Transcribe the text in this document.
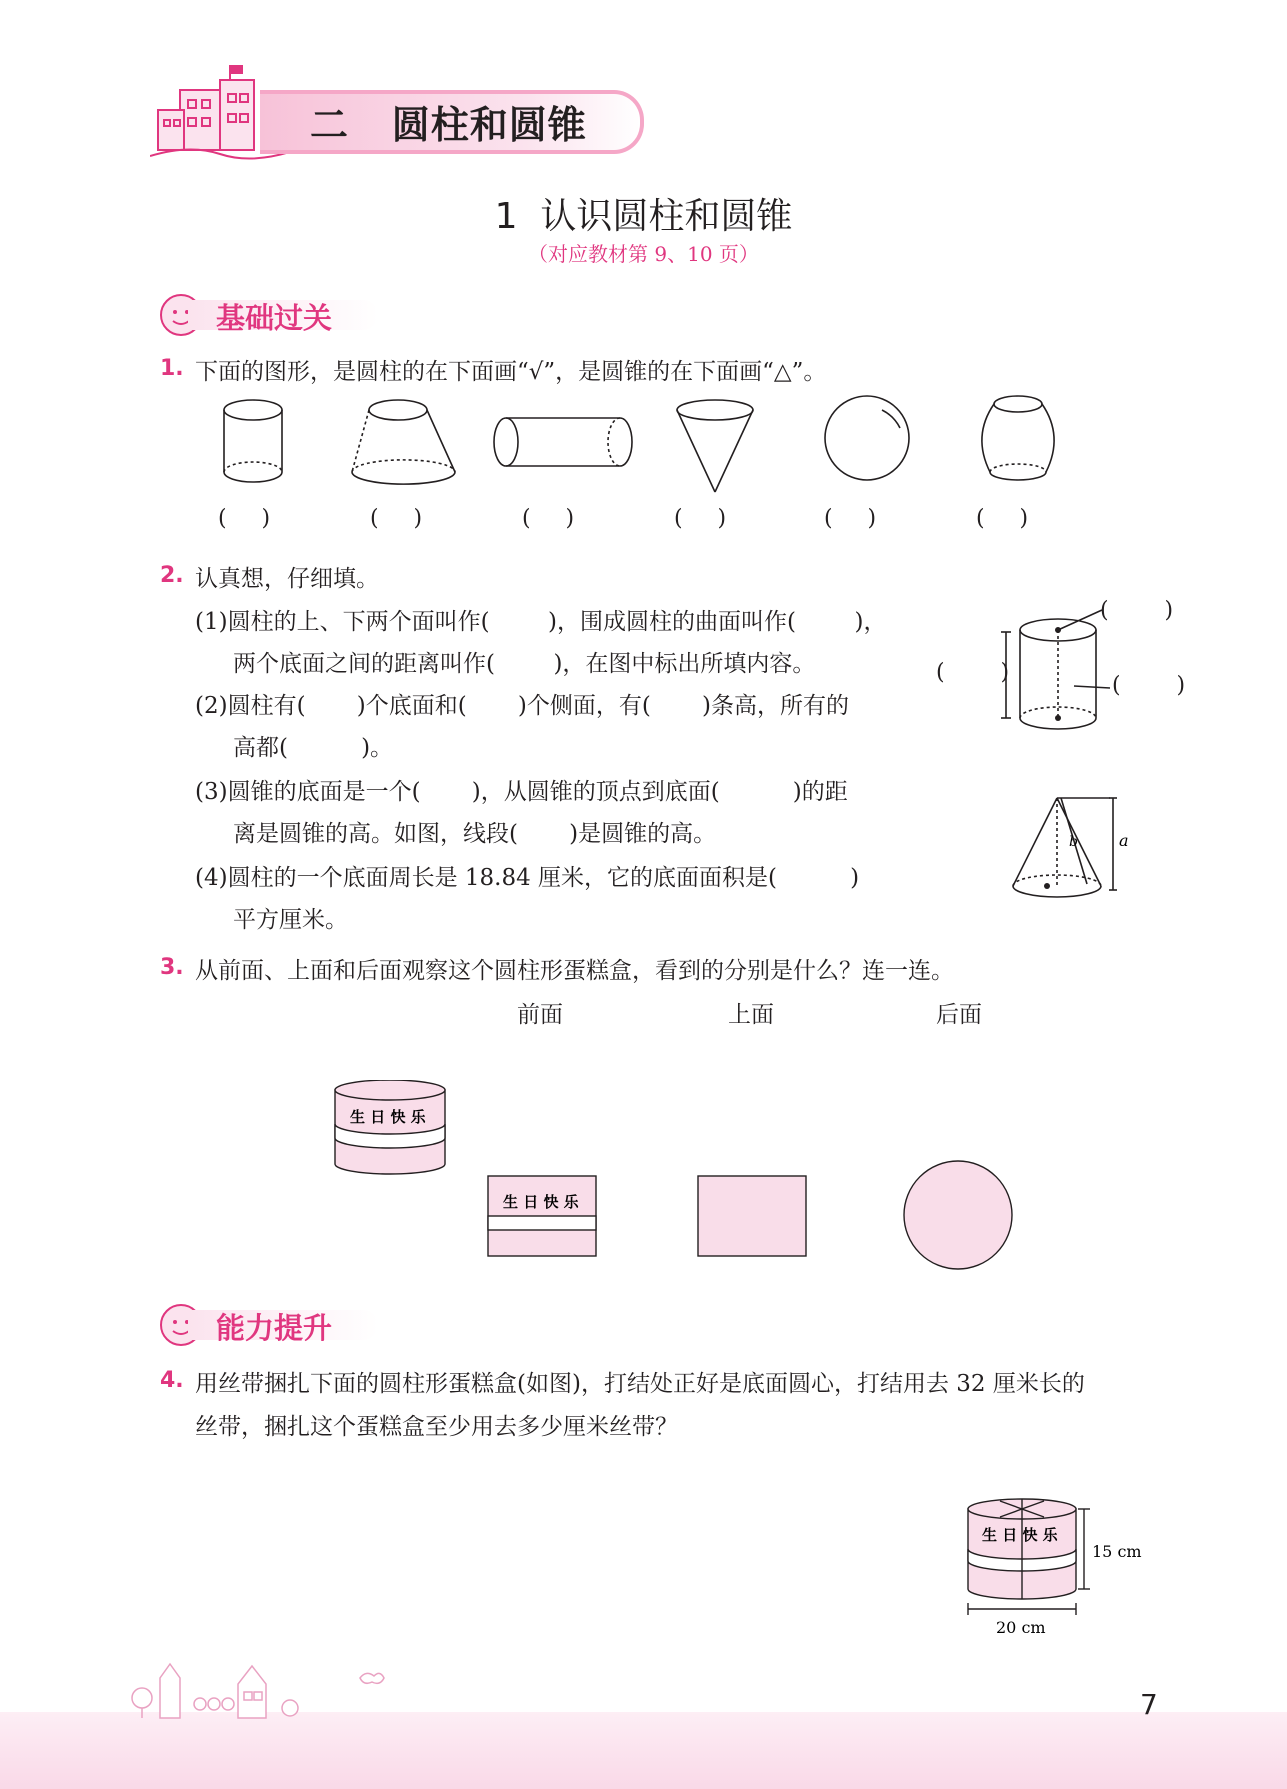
二   圆柱和圆锥
1  认识圆柱和圆锥
（对应教材第 9、10 页）
基础过关
1. 下面的图形，是圆柱的在下面画“√”，是圆锥的在下面画“△”。
(     )	(     )	(     )	(     )	(     )	(     )
2. 认真想，仔细填。
(1)圆柱的上、下两个面叫作(        )，围成圆柱的曲面叫作(        )，
两个底面之间的距离叫作(        )，在图中标出所填内容。
(2)圆柱有(       )个底面和(       )个侧面，有(       )条高，所有的
高都(          )。
(3)圆锥的底面是一个(       )，从圆锥的顶点到底面(          )的距
离是圆锥的高。如图，线段(       )是圆锥的高。
(4)圆柱的一个底面周长是 18.84 厘米，它的底面面积是(          )
平方厘米。
(        )
(        )
(        )
b	a
3. 从前面、上面和后面观察这个圆柱形蛋糕盒，看到的分别是什么？连一连。
前面	上面	后面
生 日 快 乐
生 日 快 乐
能力提升
4. 用丝带捆扎下面的圆柱形蛋糕盒(如图)，打结处正好是底面圆心，打结用去 32 厘米长的
丝带，捆扎这个蛋糕盒至少用去多少厘米丝带？
生 日 快 乐
15 cm
20 cm
7
